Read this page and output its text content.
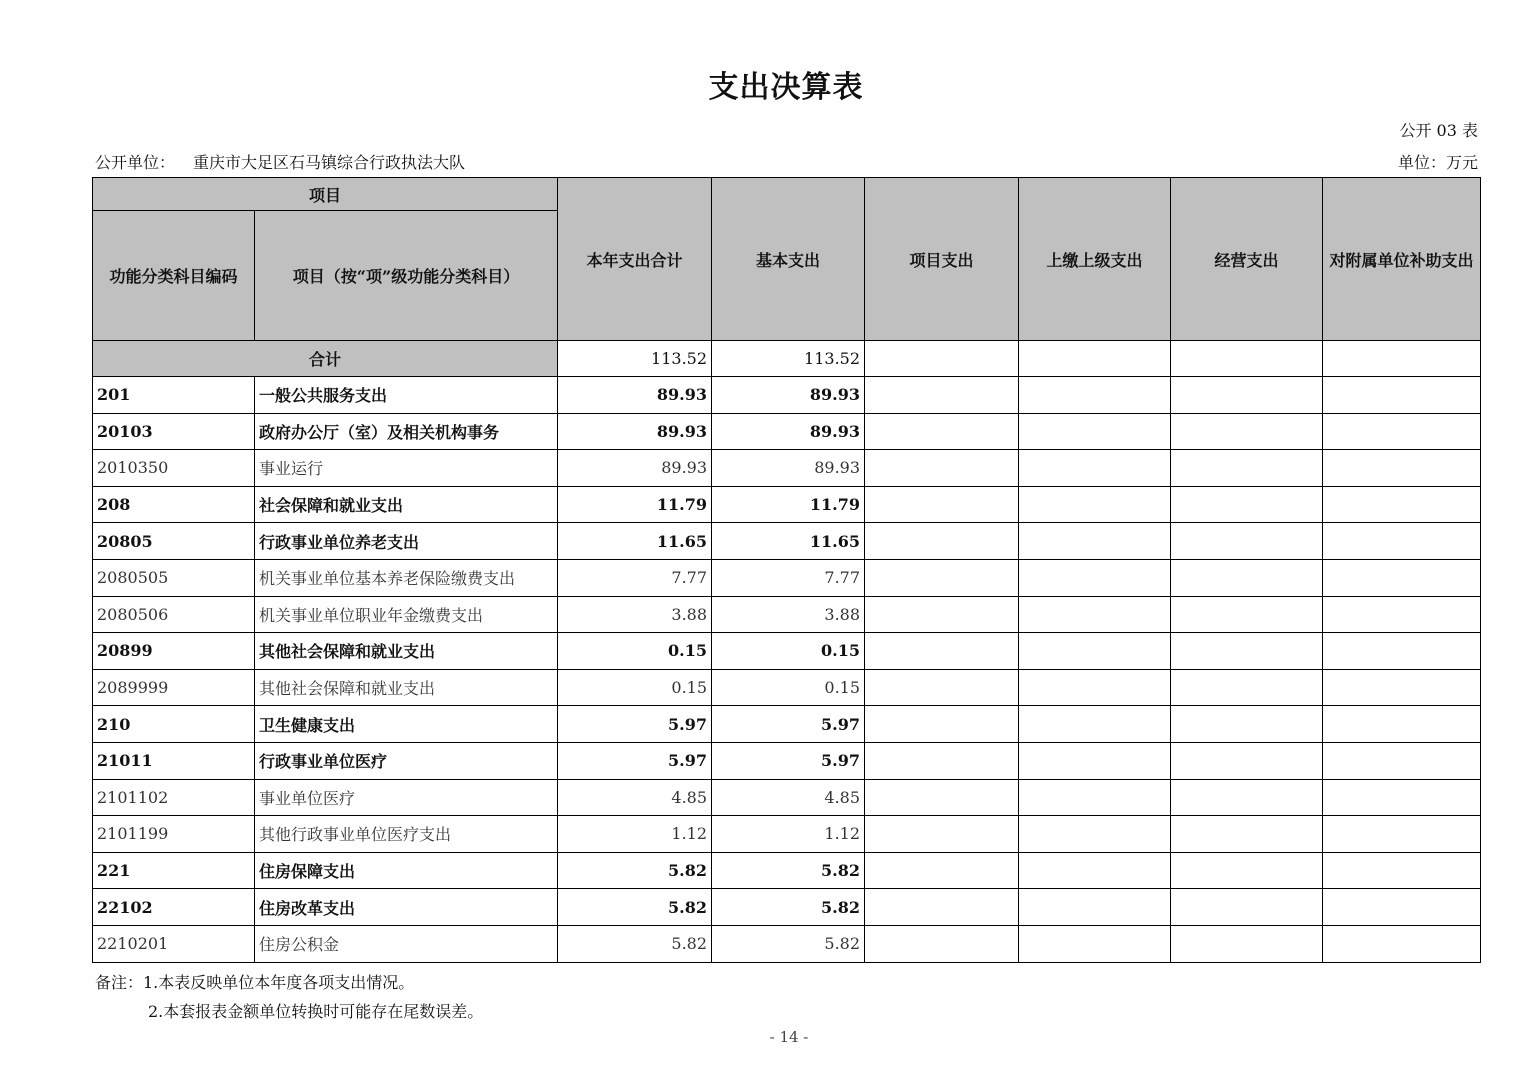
支出决算表
公开 03 表
公开单位： 重庆市大足区石马镇综合行政执法大队	单位：万元
项目		本年支出合计	基本支出	项目支出	上缴上级支出	经营支出	对附属单位补助支出
功能分类科目编码	项目（按“项”级功能分类科目）						
合计		113.52	113.52				
201	一般公共服务支出	89.93	89.93				
20103	政府办公厅（室）及相关机构事务	89.93	89.93				
2010350	事业运行	89.93	89.93				
208	社会保障和就业支出	11.79	11.79				
20805	行政事业单位养老支出	11.65	11.65				
2080505	机关事业单位基本养老保险缴费支出	7.77	7.77				
2080506	机关事业单位职业年金缴费支出	3.88	3.88				
20899	其他社会保障和就业支出	0.15	0.15				
2089999	其他社会保障和就业支出	0.15	0.15				
210	卫生健康支出	5.97	5.97				
21011	行政事业单位医疗	5.97	5.97				
2101102	事业单位医疗	4.85	4.85				
2101199	其他行政事业单位医疗支出	1.12	1.12				
221	住房保障支出	5.82	5.82				
22102	住房改革支出	5.82	5.82				
2210201	住房公积金	5.82	5.82				
备注：1.本表反映单位本年度各项支出情况。
2.本套报表金额单位转换时可能存在尾数误差。
- 14 -
